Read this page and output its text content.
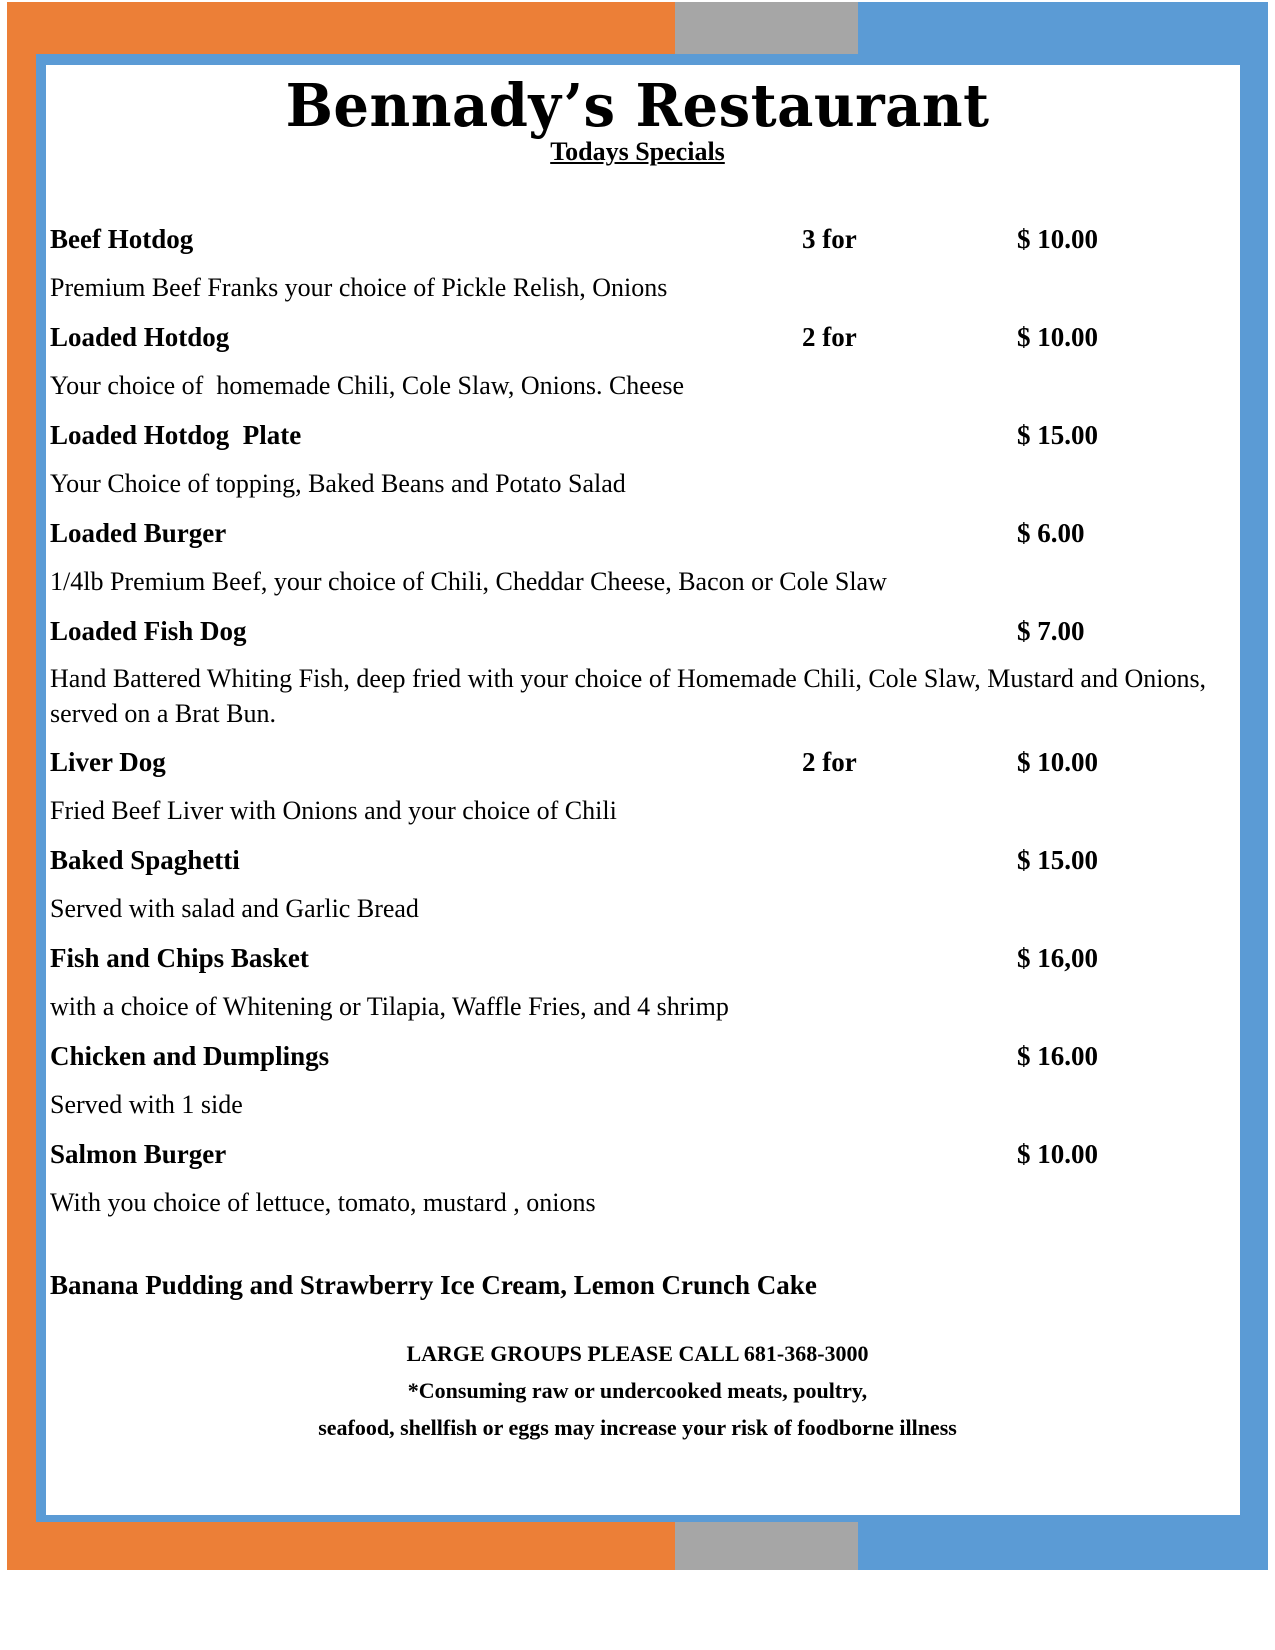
Bennady’s Restaurant
Todays Specials
Beef Hotdog	3 for	$ 10.00
Premium Beef Franks your choice of Pickle Relish, Onions
Loaded Hotdog	2 for	$ 10.00
Your choice of  homemade Chili, Cole Slaw, Onions. Cheese
Loaded Hotdog  Plate	$ 15.00
Your Choice of topping, Baked Beans and Potato Salad
Loaded Burger	$ 6.00
1/4lb Premium Beef, your choice of Chili, Cheddar Cheese, Bacon or Cole Slaw
Loaded Fish Dog	$ 7.00
Hand Battered Whiting Fish, deep fried with your choice of Homemade Chili, Cole Slaw, Mustard and Onions, served on a Brat Bun.
Liver Dog	2 for	$ 10.00
Fried Beef Liver with Onions and your choice of Chili
Baked Spaghetti	$ 15.00
Served with salad and Garlic Bread
Fish and Chips Basket	$ 16,00
with a choice of Whitening or Tilapia, Waffle Fries, and 4 shrimp
Chicken and Dumplings	$ 16.00
Served with 1 side
Salmon Burger	$ 10.00
With you choice of lettuce, tomato, mustard , onions
Banana Pudding and Strawberry Ice Cream, Lemon Crunch Cake
LARGE GROUPS PLEASE CALL 681-368-3000
*Consuming raw or undercooked meats, poultry,
seafood, shellfish or eggs may increase your risk of foodborne illness
